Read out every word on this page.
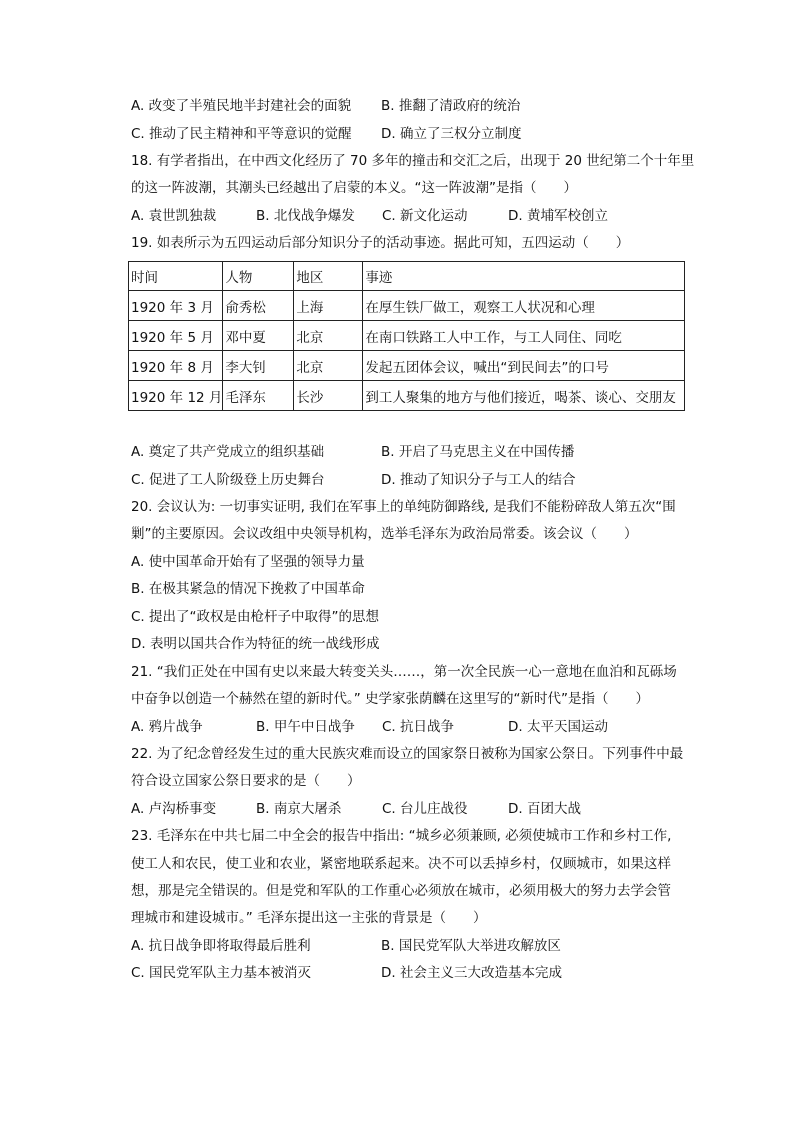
A. 改变了半殖民地半封建社会的面貌 B. 推翻了清政府的统治
C. 推动了民主精神和平等意识的觉醒 D. 确立了三权分立制度
18. 有学者指出，在中西文化经历了 70 多年的撞击和交汇之后，出现于 20 世纪第二个十年里
的这一阵波潮，其潮头已经越出了启蒙的本义。“这一阵波潮”是指（　　）
A. 袁世凯独裁	B. 北伐战争爆发 C. 新文化运动	D. 黄埔军校创立
19. 如表所示为五四运动后部分知识分子的活动事迹。据此可知，五四运动（　　）
时间	人物	地区	事迹
1920 年 3 月	俞秀松	上海	在厚生铁厂做工，观察工人状况和心理
1920 年 5 月	邓中夏	北京	在南口铁路工人中工作，与工人同住、同吃
1920 年 8 月	李大钊	北京	发起五团体会议，喊出“到民间去”的口号
1920 年 12 月	毛泽东	长沙	到工人聚集的地方与他们接近，喝茶、谈心、交朋友
A. 奠定了共产党成立的组织基础	B. 开启了马克思主义在中国传播
C. 促进了工人阶级登上历史舞台	D. 推动了知识分子与工人的结合
20. 会议认为: 一切事实证明, 我们在军事上的单纯防御路线, 是我们不能粉碎敌人第五次“围
剿”的主要原因。会议改组中央领导机构，选举毛泽东为政治局常委。该会议（　　）
A. 使中国革命开始有了坚强的领导力量
B. 在极其紧急的情况下挽救了中国革命
C. 提出了“政权是由枪杆子中取得”的思想
D. 表明以国共合作为特征的统一战线形成
21. “我们正处在中国有史以来最大转变关头……，第一次全民族一心一意地在血泊和瓦砾场
中奋争以创造一个赫然在望的新时代。” 史学家张荫麟在这里写的“新时代”是指（　　）
A. 鸦片战争	B. 甲午中日战争 C. 抗日战争	D. 太平天国运动
22. 为了纪念曾经发生过的重大民族灾难而设立的国家祭日被称为国家公祭日。下列事件中最
符合设立国家公祭日要求的是（　　）
A. 卢沟桥事变	B. 南京大屠杀	C. 台儿庄战役	D. 百团大战
23. 毛泽东在中共七届二中全会的报告中指出: “城乡必须兼顾, 必须使城市工作和乡村工作,
使工人和农民，使工业和农业，紧密地联系起来。决不可以丢掉乡村，仅顾城市，如果这样
想，那是完全错误的。但是党和军队的工作重心必须放在城市，必须用极大的努力去学会管
理城市和建设城市。” 毛泽东提出这一主张的背景是（　　）
A. 抗日战争即将取得最后胜利	B. 国民党军队大举进攻解放区
C. 国民党军队主力基本被消灭	D. 社会主义三大改造基本完成
